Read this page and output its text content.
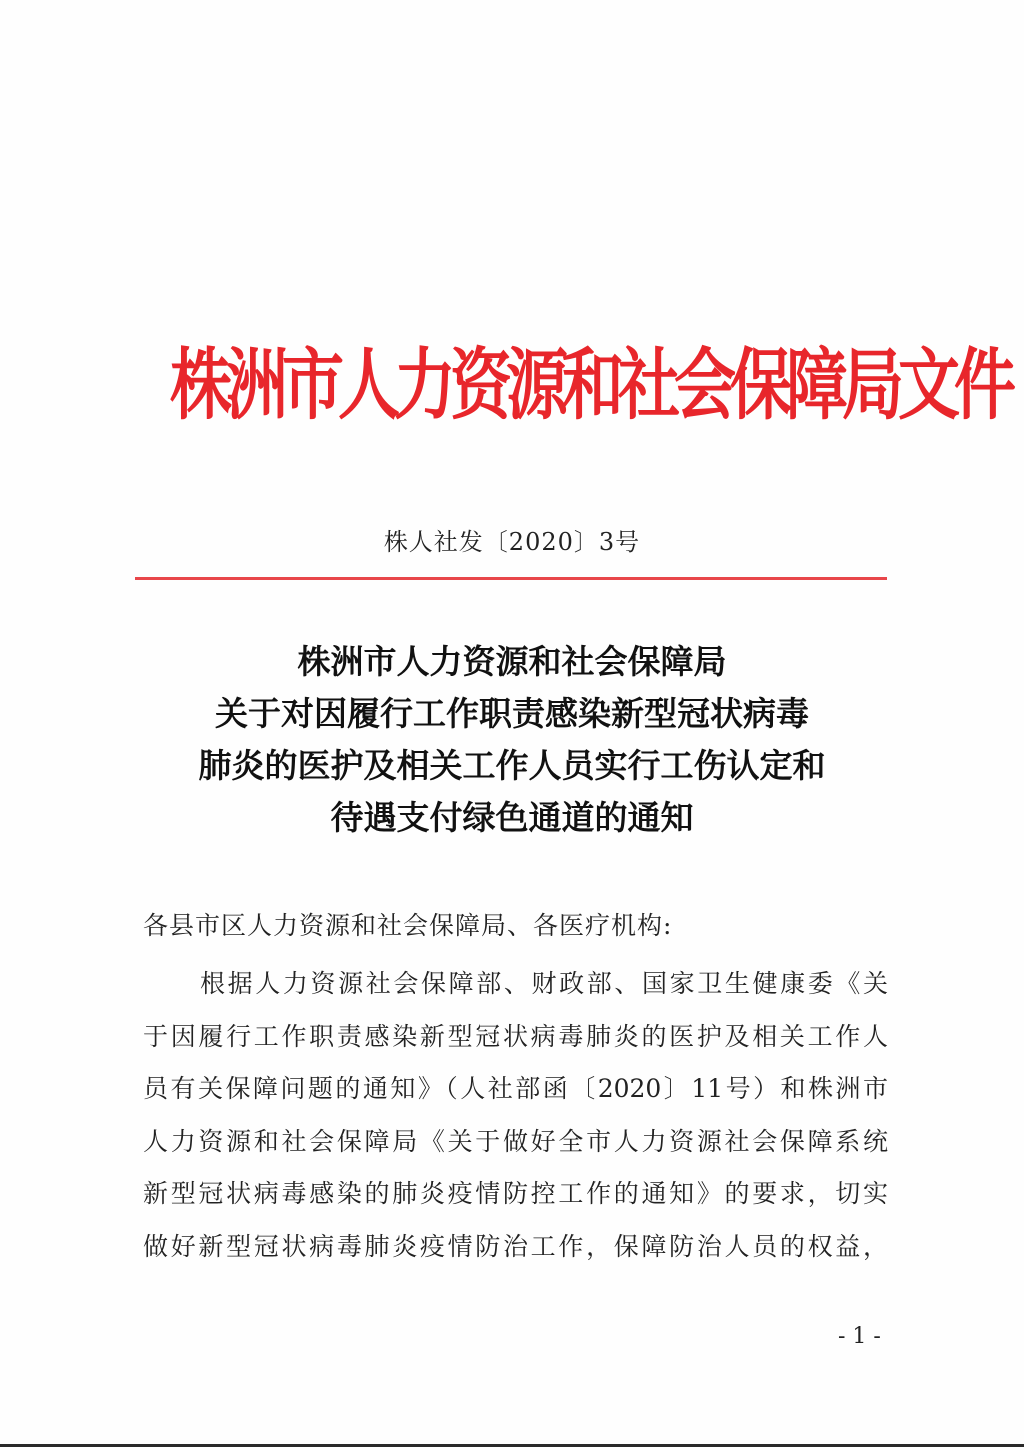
株洲市人力资源和社会保障局文件
株人社发〔2020〕3号
株洲市人力资源和社会保障局
关于对因履行工作职责感染新型冠状病毒
肺炎的医护及相关工作人员实行工伤认定和
待遇支付绿色通道的通知
各县市区人力资源和社会保障局、各医疗机构:
根据人力资源社会保障部、财政部、国家卫生健康委《关
于因履行工作职责感染新型冠状病毒肺炎的医护及相关工作人
员有关保障问题的通知》（人社部函〔2020〕11号）和株洲市
人力资源和社会保障局《关于做好全市人力资源社会保障系统
新型冠状病毒感染的肺炎疫情防控工作的通知》的要求，切实
做好新型冠状病毒肺炎疫情防治工作，保障防治人员的权益，
- 1 -
